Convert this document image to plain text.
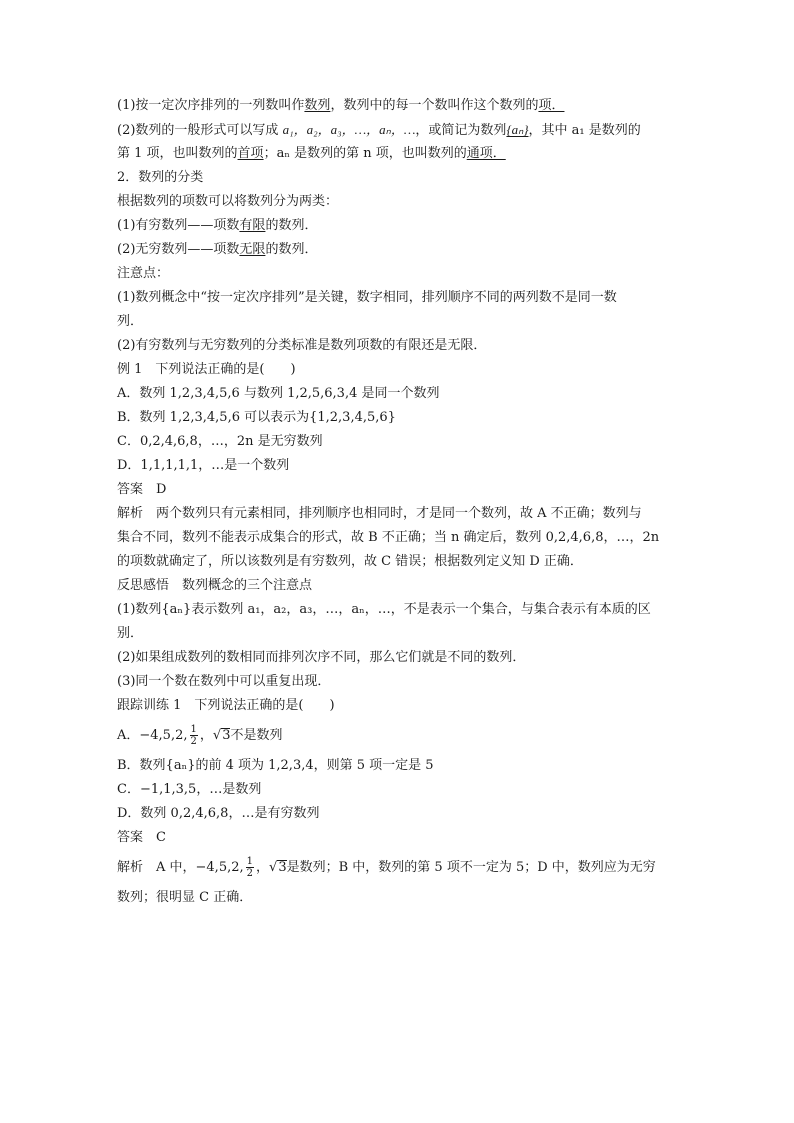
(1)按一定次序排列的一列数叫作数列，数列中的每一个数叫作这个数列的项．
(2)数列的一般形式可以写成 a₁，a₂，a₃，…，aₙ，…，或简记为数列{aₙ}，其中 a₁ 是数列的
第 1 项，也叫数列的首项；aₙ 是数列的第 n 项，也叫数列的通项．
2．数列的分类
根据数列的项数可以将数列分为两类：
(1)有穷数列——项数有限的数列．
(2)无穷数列——项数无限的数列．
注意点：
(1)数列概念中“按一定次序排列”是关键，数字相同，排列顺序不同的两列数不是同一数
列．
(2)有穷数列与无穷数列的分类标准是数列项数的有限还是无限．
例 1　下列说法正确的是(　　)
A．数列 1,2,3,4,5,6 与数列 1,2,5,6,3,4 是同一个数列
B．数列 1,2,3,4,5,6 可以表示为{1,2,3,4,5,6}
C．0,2,4,6,8，…，2n 是无穷数列
D．1,1,1,1,1，…是一个数列
答案　D
解析　两个数列只有元素相同，排列顺序也相同时，才是同一个数列，故 A 不正确；数列与
集合不同，数列不能表示成集合的形式，故 B 不正确；当 n 确定后，数列 0,2,4,6,8，…，2n
的项数就确定了，所以该数列是有穷数列，故 C 错误；根据数列定义知 D 正确．
反思感悟　数列概念的三个注意点
(1)数列{aₙ}表示数列 a₁，a₂，a₃，…，aₙ，…，不是表示一个集合，与集合表示有本质的区
别．
(2)如果组成数列的数相同而排列次序不同，那么它们就是不同的数列．
(3)同一个数在数列中可以重复出现．
跟踪训练 1　下列说法正确的是(　　)
A．−4,5,2, $\frac{1}{2}$ ，√3不是数列
B．数列{aₙ}的前 4 项为 1,2,3,4，则第 5 项一定是 5
C．−1,1,3,5，…是数列
D．数列 0,2,4,6,8，…是有穷数列
答案　C
解析　A 中，−4,5,2, $\frac{1}{2}$ ，√3是数列；B 中，数列的第 5 项不一定为 5；D 中，数列应为无穷
数列；很明显 C 正确．
